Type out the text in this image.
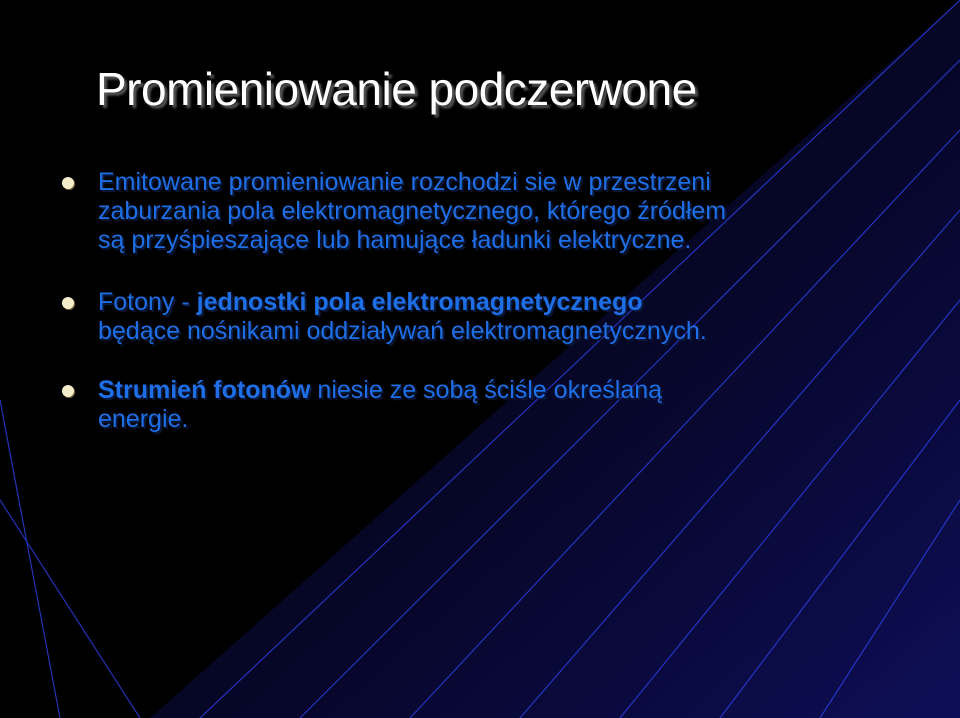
Promieniowanie podczerwone
Emitowane promieniowanie rozchodzi sie w przestrzeni
zaburzania pola elektromagnetycznego, którego źródłem
są przyśpieszające lub hamujące ładunki elektryczne.
Fotony - jednostki pola elektromagnetycznego
będące nośnikami oddziaływań elektromagnetycznych.
Strumień fotonów niesie ze sobą ściśle określaną
energie.
